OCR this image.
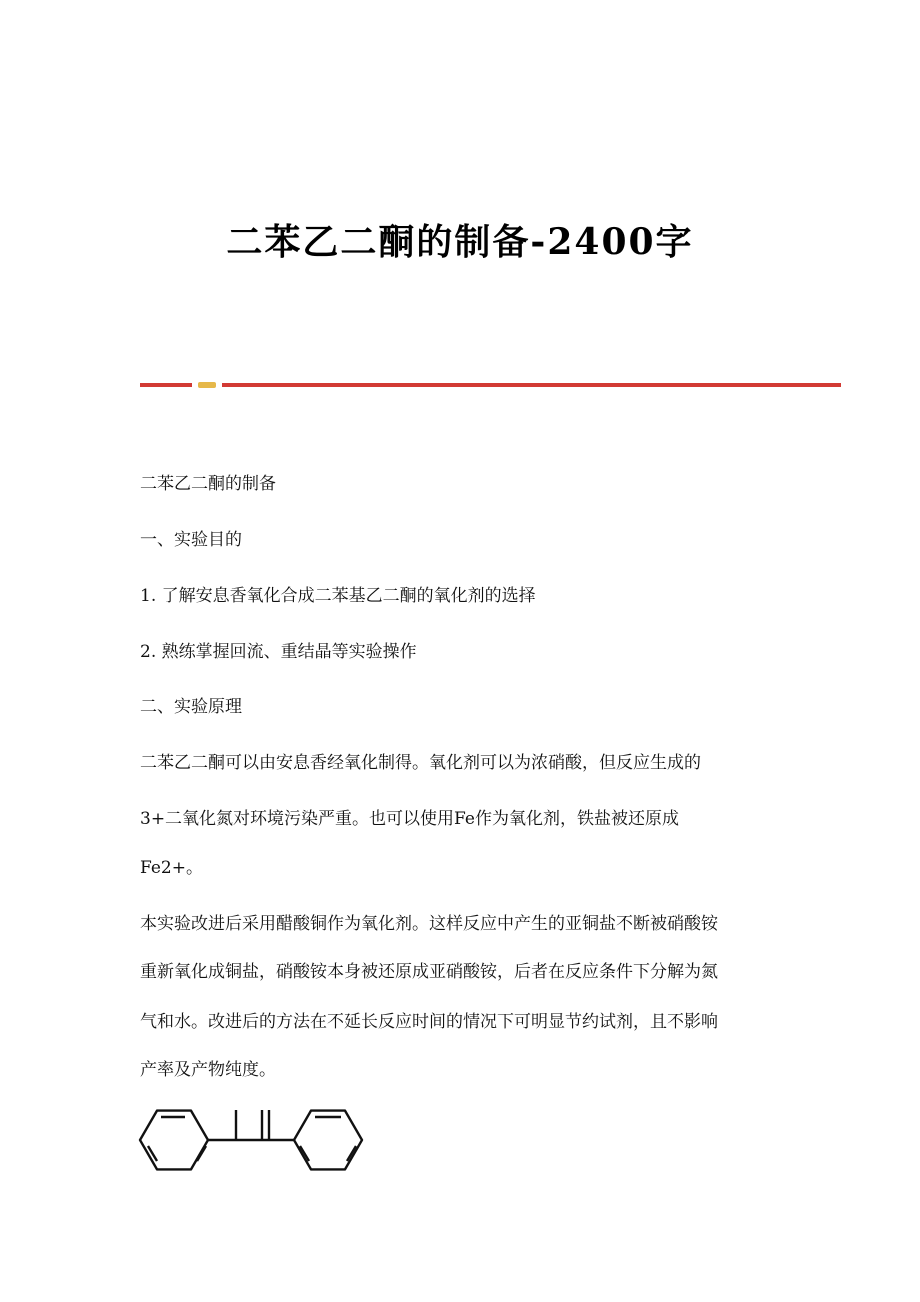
二苯乙二酮的制备-2400字
二苯乙二酮的制备
一、实验目的
1. 了解安息香氧化合成二苯基乙二酮的氧化剂的选择
2. 熟练掌握回流、重结晶等实验操作
二、实验原理
二苯乙二酮可以由安息香经氧化制得。氧化剂可以为浓硝酸，但反应生成的
3+二氧化氮对环境污染严重。也可以使用Fe作为氧化剂，铁盐被还原成
Fe2+。
本实验改进后采用醋酸铜作为氧化剂。这样反应中产生的亚铜盐不断被硝酸铵
重新氧化成铜盐，硝酸铵本身被还原成亚硝酸铵，后者在反应条件下分解为氮
气和水。改进后的方法在不延长反应时间的情况下可明显节约试剂，且不影响
产率及产物纯度。
